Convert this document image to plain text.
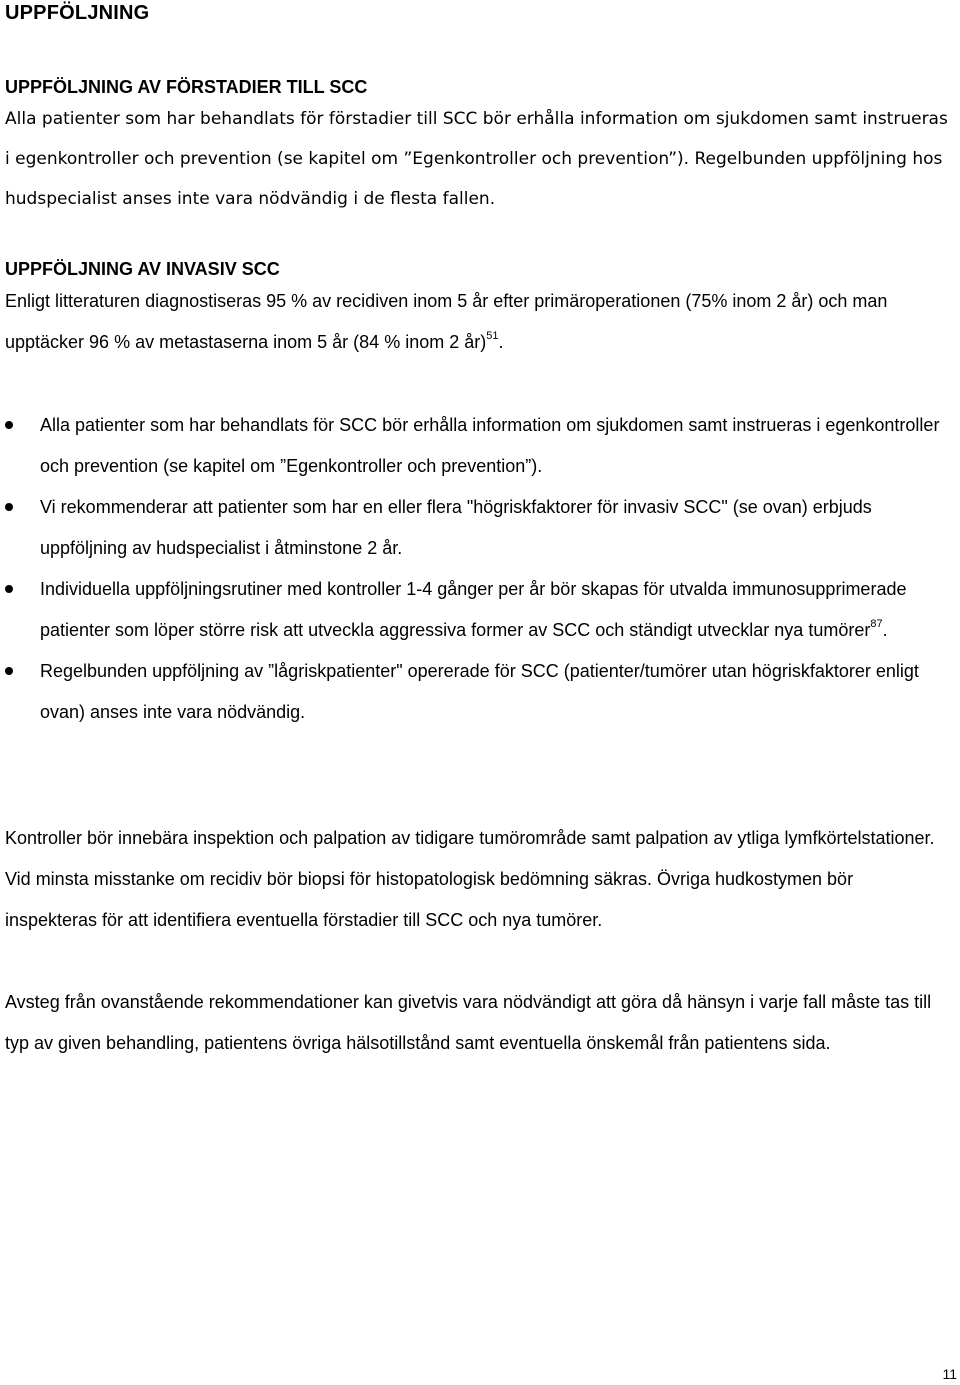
UPPFÖLJNING
UPPFÖLJNING AV FÖRSTADIER TILL SCC
Alla patienter som har behandlats för förstadier till SCC bör erhålla information om sjukdomen samt instrueras i egenkontroller och prevention (se kapitel om ”Egenkontroller och prevention”). Regelbunden uppföljning hos hudspecialist anses inte vara nödvändig i de flesta fallen.
UPPFÖLJNING AV INVASIV SCC
Enligt litteraturen diagnostiseras 95 % av recidiven inom 5 år efter primäroperationen (75% inom 2 år) och man upptäcker 96 % av metastaserna inom 5 år (84 % inom 2 år)$^{51}$.
Alla patienter som har behandlats för SCC bör erhålla information om sjukdomen samt instrueras i egenkontroller och prevention (se kapitel om ”Egenkontroller och prevention”).
Vi rekommenderar att patienter som har en eller flera "högriskfaktorer för invasiv SCC" (se ovan) erbjuds uppföljning av hudspecialist i åtminstone 2 år.
Individuella uppföljningsrutiner med kontroller 1-4 gånger per år bör skapas för utvalda immunosupprimerade patienter som löper större risk att utveckla aggressiva former av SCC och ständigt utvecklar nya tumörer$^{87}$.
Regelbunden uppföljning av ”lågriskpatienter" opererade för SCC (patienter/tumörer utan högriskfaktorer enligt ovan) anses inte vara nödvändig.
Kontroller bör innebära inspektion och palpation av tidigare tumörområde samt palpation av ytliga lymfkörtelstationer. Vid minsta misstanke om recidiv bör biopsi för histopatologisk bedömning säkras. Övriga hudkostymen bör inspekteras för att identifiera eventuella förstadier till SCC och nya tumörer.
Avsteg från ovanstående rekommendationer kan givetvis vara nödvändigt att göra då hänsyn i varje fall måste tas till typ av given behandling, patientens övriga hälsotillstånd samt eventuella önskemål från patientens sida.
11
